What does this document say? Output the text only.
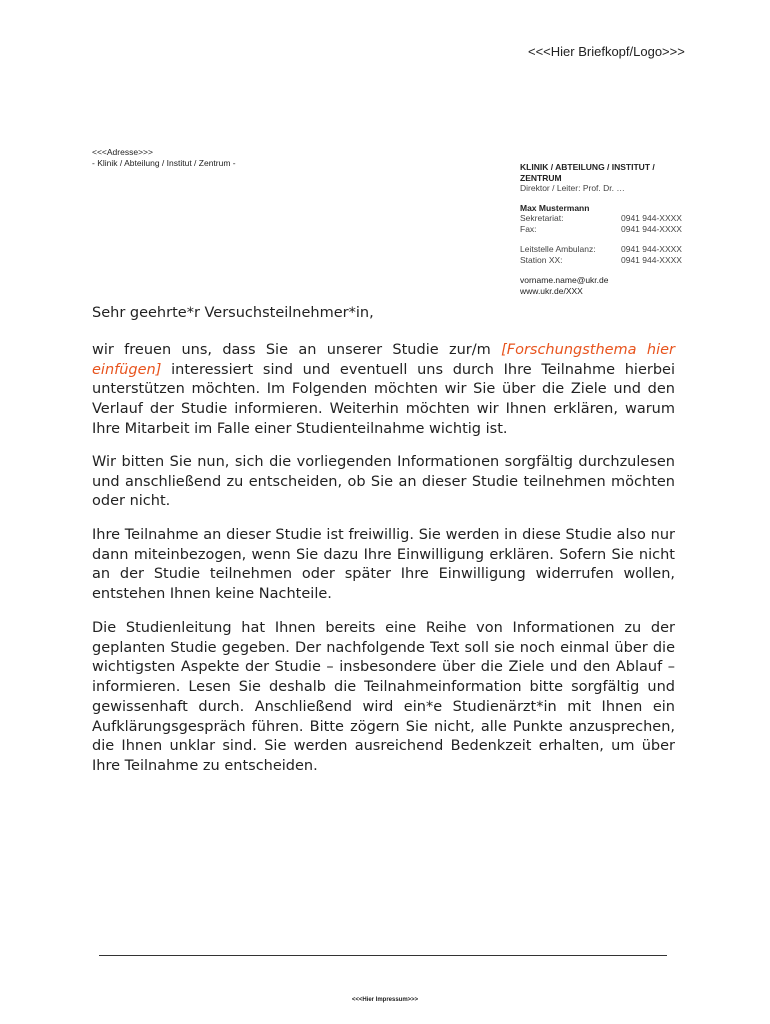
<<<Hier Briefkopf/Logo>>>
<<<Adresse>>>
- Klinik / Abteilung / Institut / Zentrum -	KLINIK / ABTEILUNG / INSTITUT /
ZENTRUM
Direktor / Leiter: Prof. Dr. …
Max Mustermann
Sekretariat:	0941 944-XXXX
Fax:	0941 944-XXXX
Leitstelle Ambulanz:	0941 944-XXXX
Station XX:	0941 944-XXXX
vorname.name@ukr.de
www.ukr.de/XXX
Sehr geehrte*r Versuchsteilnehmer*in,
wir freuen uns, dass Sie an unserer Studie zur/m [Forschungsthema hier einfügen] interessiert sind und eventuell uns durch Ihre Teilnahme hierbei unterstützen möchten. Im Folgenden möchten wir Sie über die Ziele und den Verlauf der Studie informieren. Weiterhin möchten wir Ihnen erklären, warum Ihre Mitarbeit im Falle einer Studienteilnahme wichtig ist.
Wir bitten Sie nun, sich die vorliegenden Informationen sorgfältig durchzulesen und anschließend zu entscheiden, ob Sie an dieser Studie teilnehmen möchten oder nicht.
Ihre Teilnahme an dieser Studie ist freiwillig. Sie werden in diese Studie also nur dann miteinbezogen, wenn Sie dazu Ihre Einwilligung erklären. Sofern Sie nicht an der Studie teilnehmen oder später Ihre Einwilligung widerrufen wollen, entstehen Ihnen keine Nachteile.
Die Studienleitung hat Ihnen bereits eine Reihe von Informationen zu der geplanten Studie gegeben. Der nachfolgende Text soll sie noch einmal über die wichtigsten Aspekte der Studie – insbesondere über die Ziele und den Ablauf – informieren. Lesen Sie deshalb die Teilnahmeinformation bitte sorgfältig und gewissenhaft durch. Anschließend wird ein*e Studienärzt*in mit Ihnen ein Aufklärungsgespräch führen. Bitte zögern Sie nicht, alle Punkte anzusprechen, die Ihnen unklar sind. Sie werden ausreichend Bedenkzeit erhalten, um über Ihre Teilnahme zu entscheiden.
<<<Hier Impressum>>>
